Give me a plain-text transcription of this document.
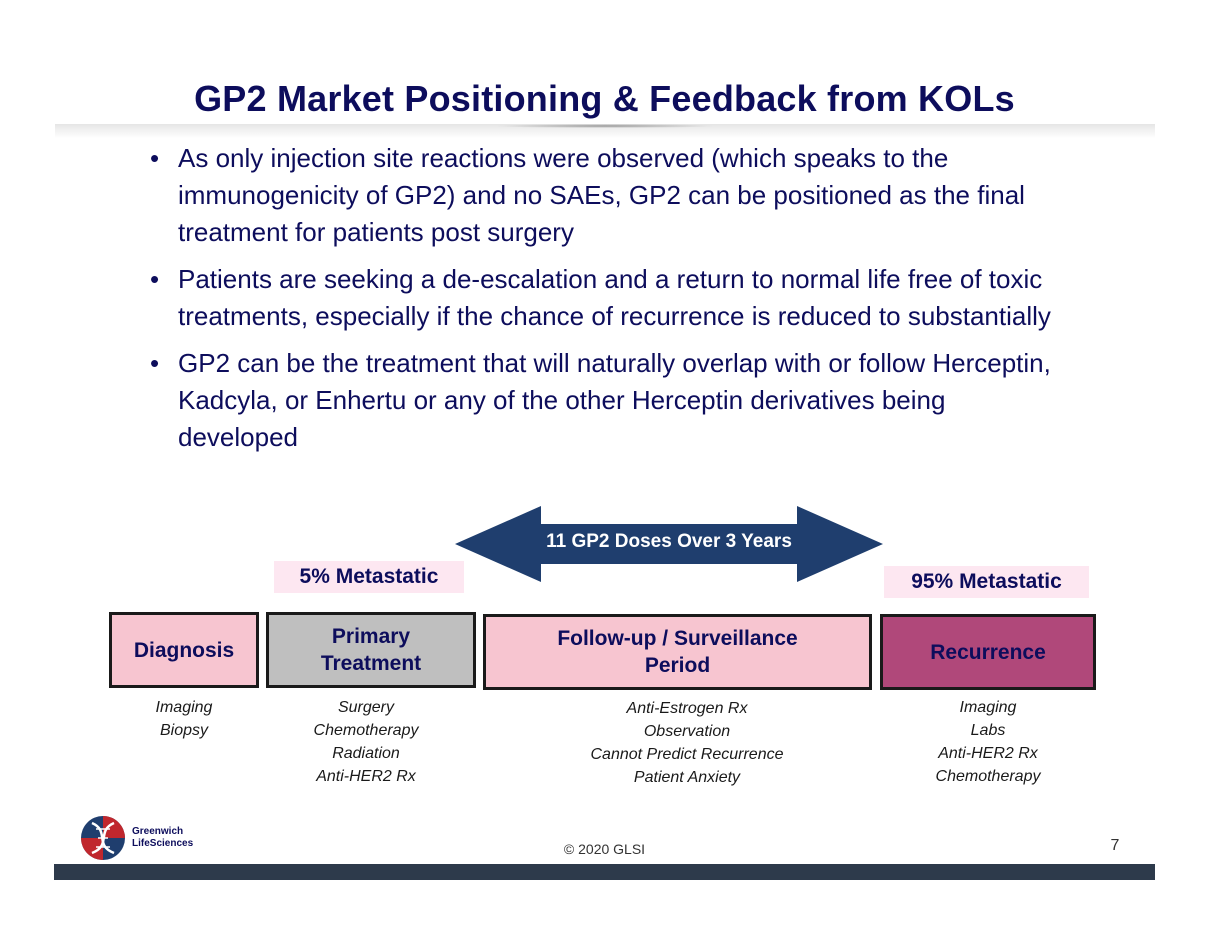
GP2 Market Positioning & Feedback from KOLs
• As only injection site reactions were observed (which speaks to the immunogenicity of GP2) and no SAEs, GP2 can be positioned as the final treatment for patients post surgery
• Patients are seeking a de-escalation and a return to normal life free of toxic treatments, especially if the chance of recurrence is reduced to substantially
• GP2 can be the treatment that will naturally overlap with or follow Herceptin, Kadcyla, or Enhertu or any of the other Herceptin derivatives being developed
11 GP2 Doses Over 3 Years
5% Metastatic	95% Metastatic
Diagnosis
Primary
Treatment
Follow-up / Surveillance
Period
Recurrence
Imaging
Biopsy
Surgery
Chemotherapy
Radiation
Anti-HER2 Rx
Anti-Estrogen Rx
Observation
Cannot Predict Recurrence
Patient Anxiety
Imaging
Labs
Anti-HER2 Rx
Chemotherapy
Greenwich
LifeSciences	© 2020 GLSI	7
